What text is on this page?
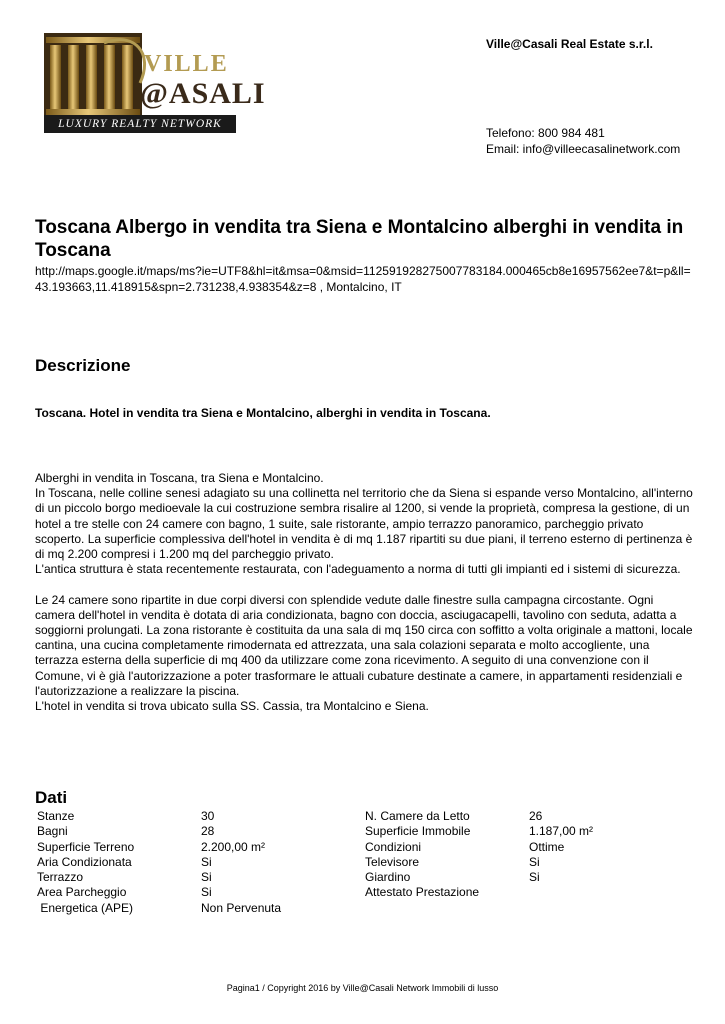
VILLE
@ASALI
LUXURY REALTY NETWORK
Ville@Casali Real Estate s.r.l.
Telefono: 800 984 481
Email: info@villeecasalinetwork.com
Toscana Albergo in vendita tra Siena e Montalcino alberghi in vendita in Toscana
http://maps.google.it/maps/ms?ie=UTF8&hl=it&msa=0&msid=112591928275007783184.000465cb8e16957562ee7&t=p&ll=43.193663,11.418915&spn=2.731238,4.938354&z=8 , Montalcino, IT
Descrizione
Toscana. Hotel in vendita tra Siena e Montalcino, alberghi in vendita in Toscana.

Alberghi in vendita in Toscana, tra Siena e Montalcino.
In Toscana, nelle colline senesi adagiato su una collinetta nel territorio che da Siena si espande verso Montalcino, all'interno di un piccolo borgo medioevale la cui costruzione sembra risalire al 1200, si vende la proprietà, compresa la gestione, di un hotel a tre stelle con 24 camere con bagno, 1 suite, sale ristorante, ampio terrazzo panoramico, parcheggio privato scoperto. La superficie complessiva dell'hotel in vendita è di mq 1.187 ripartiti su due piani, il terreno esterno di pertinenza è di mq 2.200 compresi i 1.200 mq del parcheggio privato.
L'antica struttura è stata recentemente restaurata, con l'adeguamento a norma di tutti gli impianti ed i sistemi di sicurezza.

Le 24 camere sono ripartite in due corpi diversi con splendide vedute dalle finestre sulla campagna circostante. Ogni camera dell'hotel in vendita è dotata di aria condizionata, bagno con doccia, asciugacapelli, tavolino con seduta, adatta a soggiorni prolungati. La zona ristorante è costituita da una sala di mq 150 circa con soffitto a volta originale a mattoni, locale cantina, una cucina completamente rimodernata ed attrezzata, una sala colazioni separata e molto accogliente, una terrazza esterna della superficie di mq 400 da utilizzare come zona ricevimento. A seguito di una convenzione con il Comune, vi è già l'autorizzazione a poter trasformare le attuali cubature destinate a camere, in appartamenti residenziali e l'autorizzazione a realizzare la piscina.
L'hotel in vendita si trova ubicato sulla SS. Cassia, tra Montalcino e Siena.

Dati
Stanze	30	N. Camere da Letto	26
Bagni	28	Superficie Immobile	1.187,00 m²
Superficie Terreno	2.200,00 m²	Condizioni	Ottime
Aria Condizionata	Si	Televisore	Si
Terrazzo	Si	Giardino	Si
Area Parcheggio	Si	Attestato Prestazione	
Energetica (APE)	Non Pervenuta		
Pagina1 / Copyright 2016 by Ville@Casali Network Immobili di lusso
